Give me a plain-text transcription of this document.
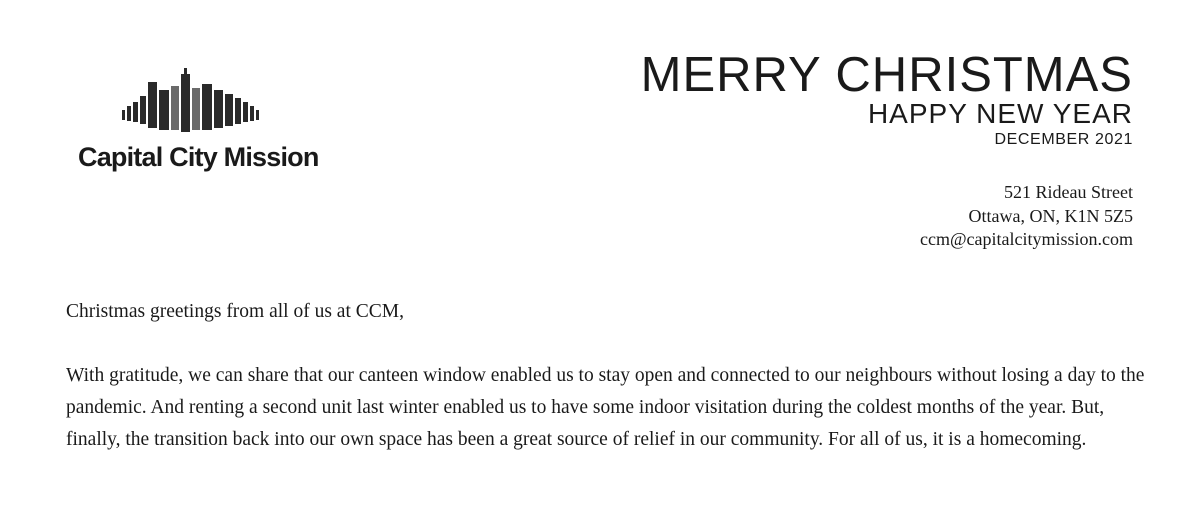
Capital City Mission
MERRY CHRISTMAS
HAPPY NEW YEAR
DECEMBER 2021
521 Rideau Street
Ottawa, ON, K1N 5Z5
ccm@capitalcitymission.com

Christmas greetings from all of us at CCM,

With gratitude, we can share that our canteen window enabled us to stay open and connected to our neighbours without losing a day to the pandemic. And renting a second unit last winter enabled us to have some indoor visitation during the coldest months of the year. But, finally, the transition back into our own space has been a great source of relief in our community. For all of us, it is a homecoming.
